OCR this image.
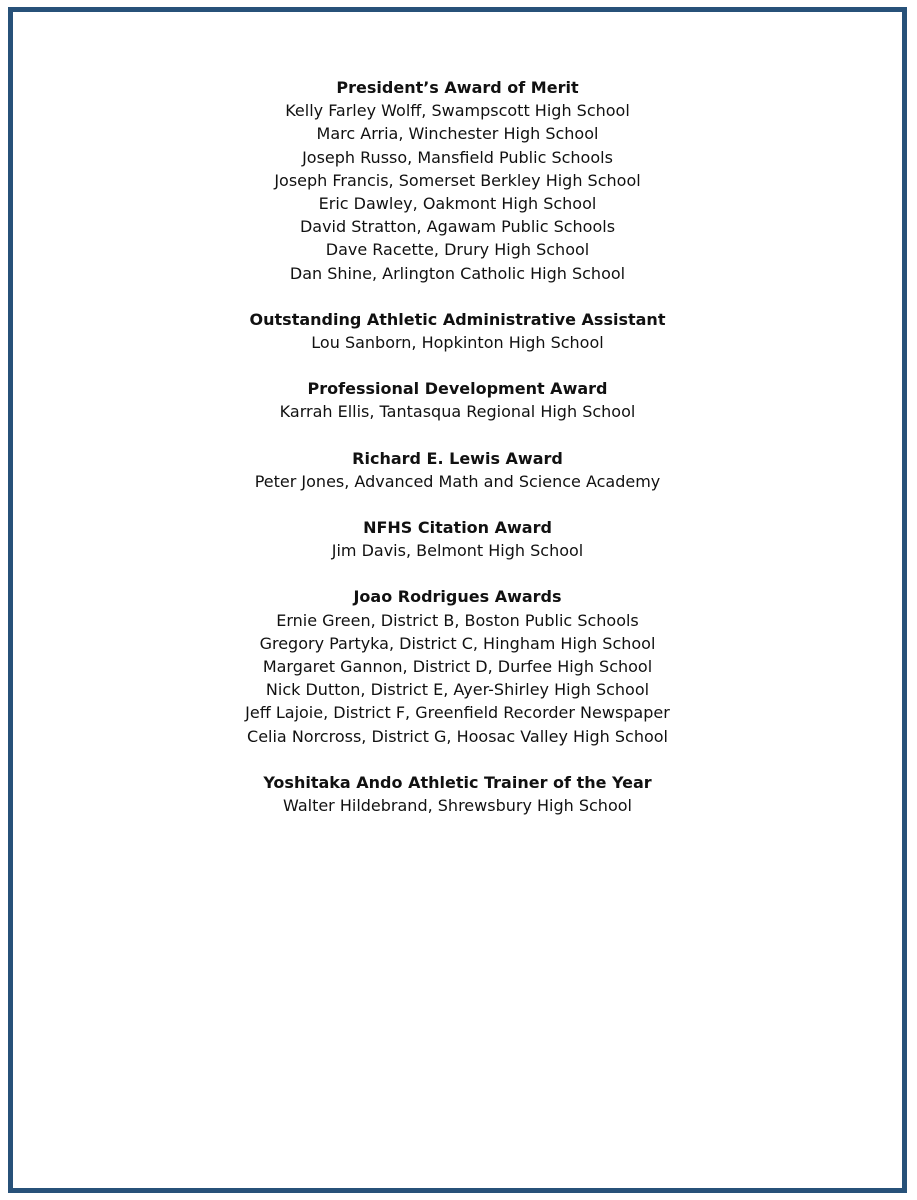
President’s Award of Merit
Kelly Farley Wolff, Swampscott High School
Marc Arria, Winchester High School
Joseph Russo, Mansfield Public Schools
Joseph Francis, Somerset Berkley High School
Eric Dawley, Oakmont High School
David Stratton, Agawam Public Schools
Dave Racette, Drury High School
Dan Shine, Arlington Catholic High School
Outstanding Athletic Administrative Assistant
Lou Sanborn, Hopkinton High School
Professional Development Award
Karrah Ellis, Tantasqua Regional High School
Richard E. Lewis Award
Peter Jones, Advanced Math and Science Academy
NFHS Citation Award
Jim Davis, Belmont High School
Joao Rodrigues Awards
Ernie Green, District B, Boston Public Schools
Gregory Partyka, District C, Hingham High School
Margaret Gannon, District D, Durfee High School
Nick Dutton, District E, Ayer-Shirley High School
Jeff Lajoie, District F, Greenfield Recorder Newspaper
Celia Norcross, District G, Hoosac Valley High School
Yoshitaka Ando Athletic Trainer of the Year
Walter Hildebrand, Shrewsbury High School
